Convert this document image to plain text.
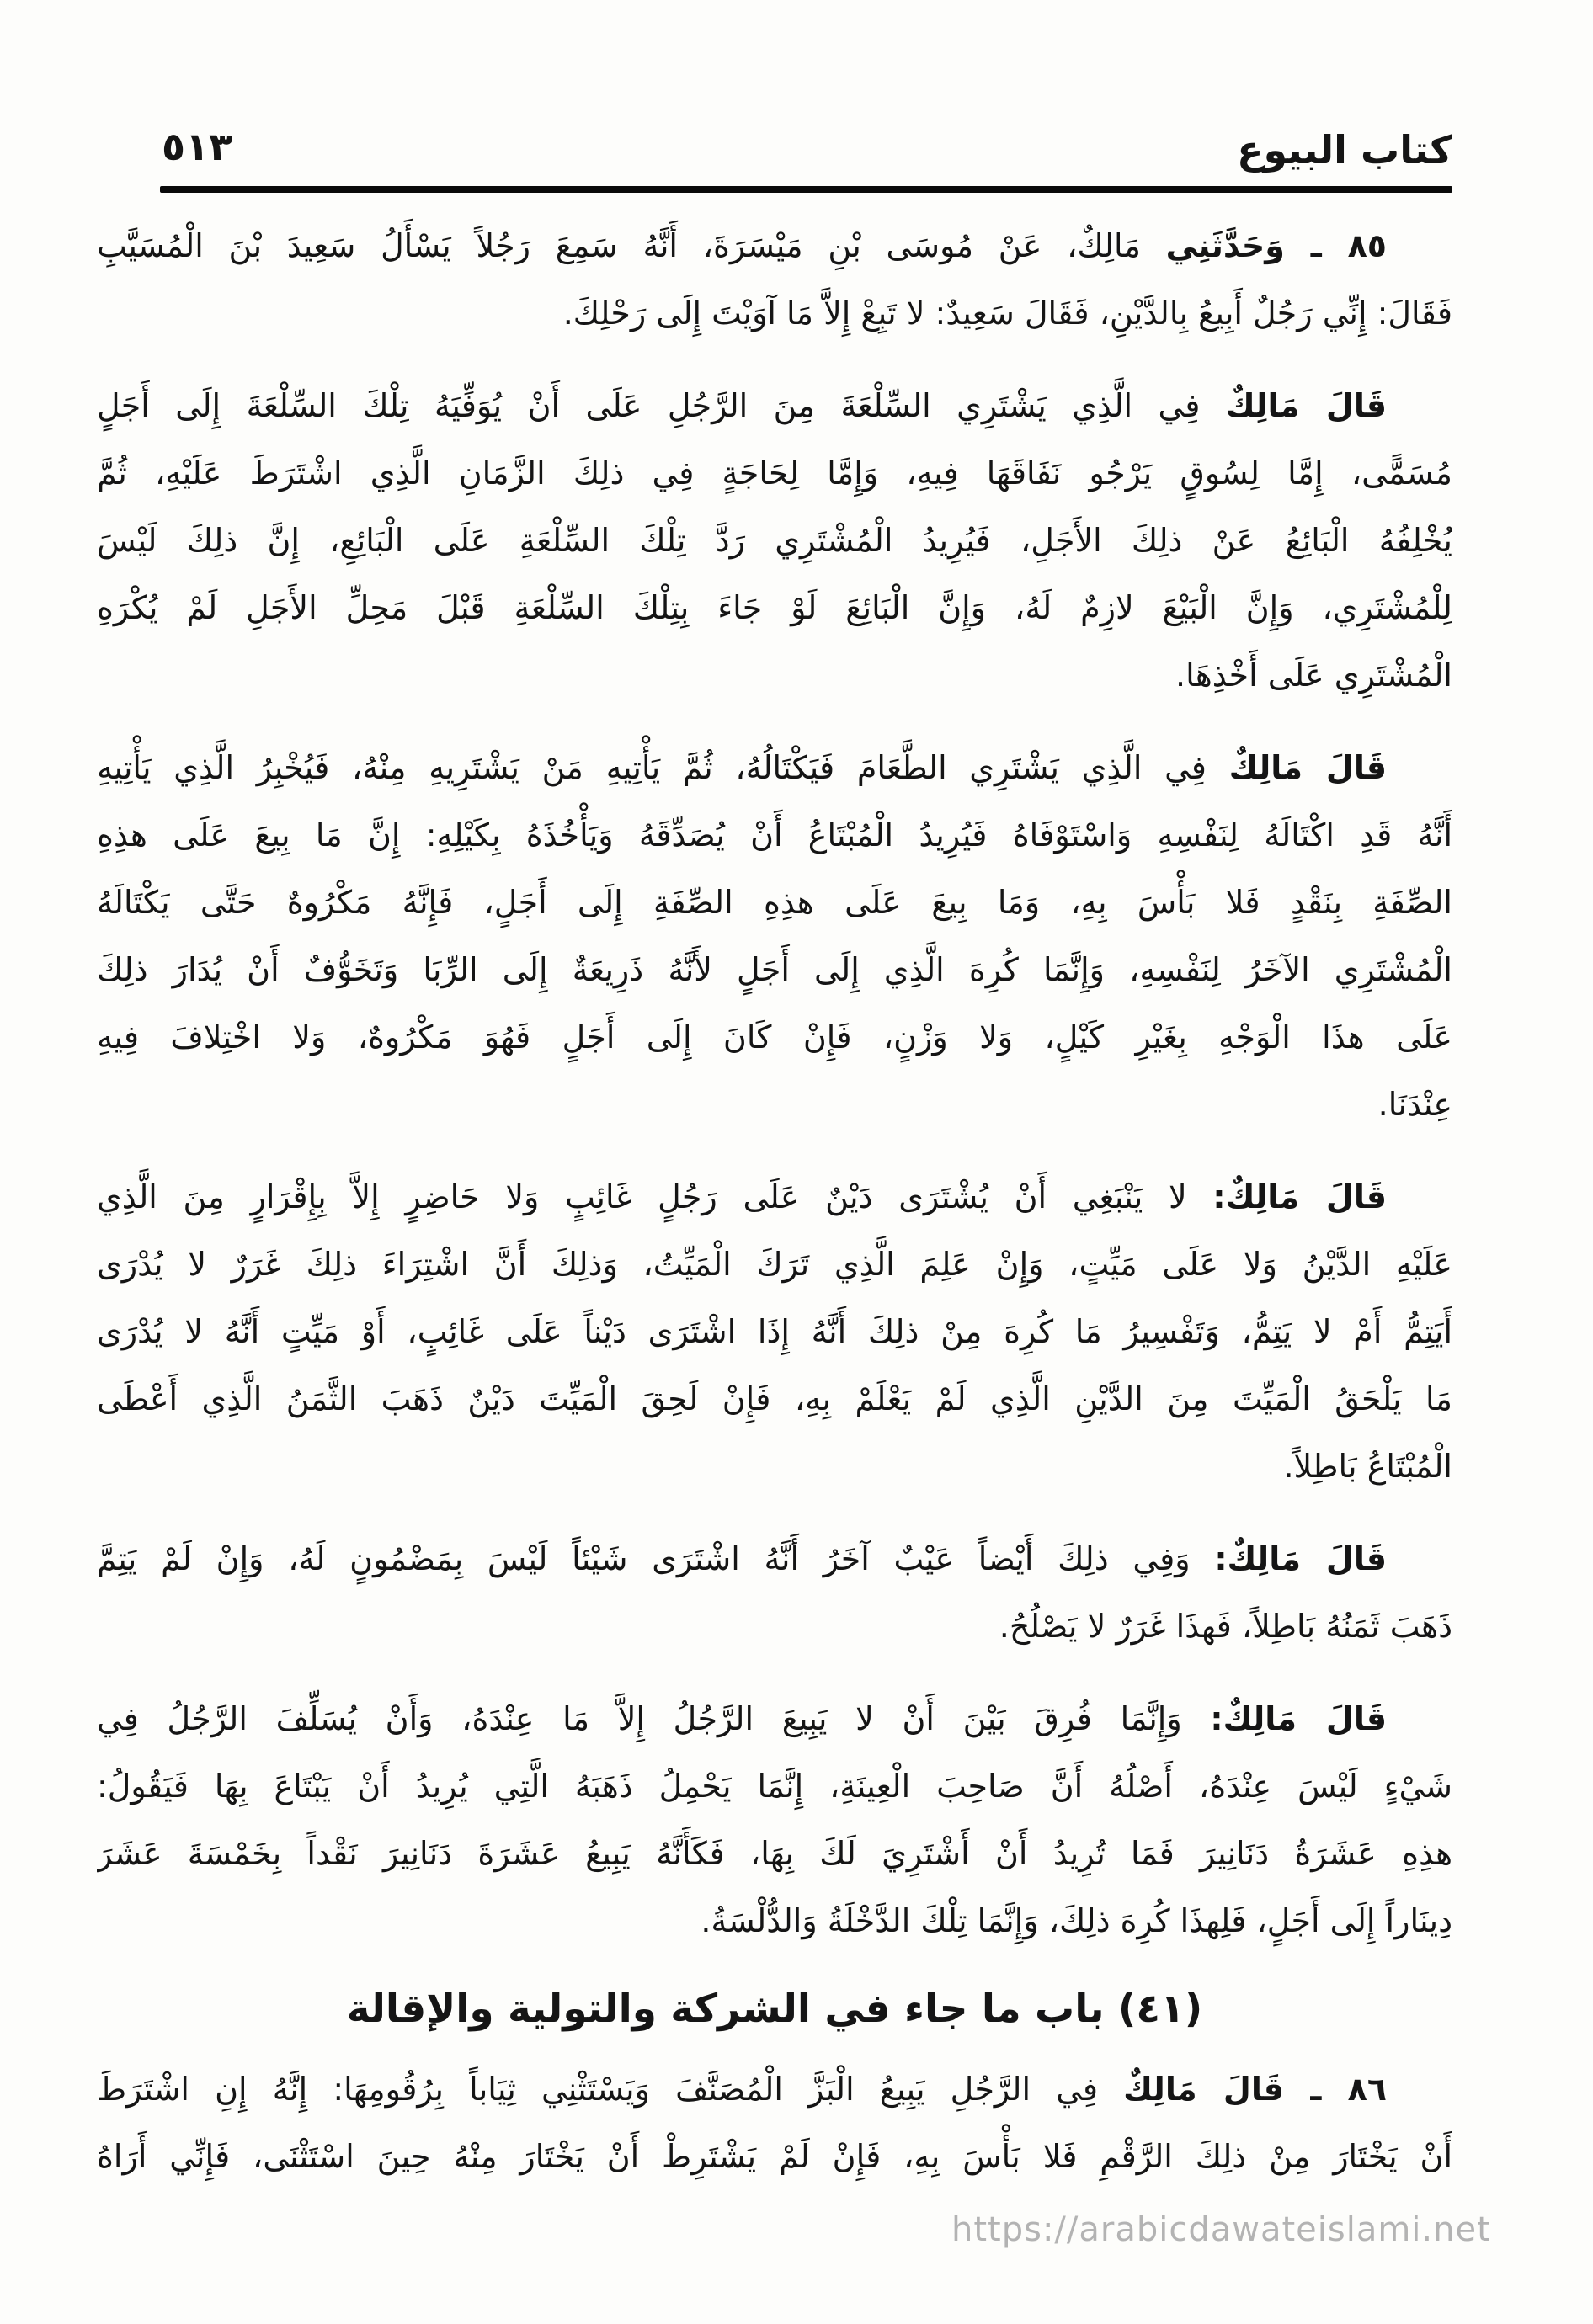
كتاب البيوع
٥١٣
٨٥ ـ وَحَدَّثَنِي مَالِكٌ، عَنْ مُوسَى بْنِ مَيْسَرَةَ، أَنَّهُ سَمِعَ رَجُلاً يَسْأَلُ سَعِيدَ بْنَ الْمُسَيَّبِ
فَقَالَ: إِنِّي رَجُلٌ أَبِيعُ بِالدَّيْنِ، فَقَالَ سَعِيدٌ: لا تَبِعْ إِلاَّ مَا آوَيْتَ إِلَى رَحْلِكَ.
قَالَ مَالِكٌ فِي الَّذِي يَشْتَرِي السِّلْعَةَ مِنَ الرَّجُلِ عَلَى أَنْ يُوَفِّيَهُ تِلْكَ السِّلْعَةَ إِلَى أَجَلٍ
مُسَمًّى، إِمَّا لِسُوقٍ يَرْجُو نَفَاقَهَا فِيهِ، وَإِمَّا لِحَاجَةٍ فِي ذلِكَ الزَّمَانِ الَّذِي اشْتَرَطَ عَلَيْهِ، ثُمَّ
يُخْلِفُهُ الْبَائِعُ عَنْ ذلِكَ الأَجَلِ، فَيُرِيدُ الْمُشْتَرِي رَدَّ تِلْكَ السِّلْعَةِ عَلَى الْبَائِعِ، إِنَّ ذلِكَ لَيْسَ
لِلْمُشْتَرِي، وَإِنَّ الْبَيْعَ لازِمٌ لَهُ، وَإِنَّ الْبَائِعَ لَوْ جَاءَ بِتِلْكَ السِّلْعَةِ قَبْلَ مَحِلِّ الأَجَلِ لَمْ يُكْرَهِ
الْمُشْتَرِي عَلَى أَخْذِهَا.
قَالَ مَالِكٌ فِي الَّذِي يَشْتَرِي الطَّعَامَ فَيَكْتَالُهُ، ثُمَّ يَأْتِيهِ مَنْ يَشْتَرِيهِ مِنْهُ، فَيُخْبِرُ الَّذِي يَأْتِيهِ
أَنَّهُ قَدِ اكْتَالَهُ لِنَفْسِهِ وَاسْتَوْفَاهُ فَيُرِيدُ الْمُبْتَاعُ أَنْ يُصَدِّقَهُ وَيَأْخُذَهُ بِكَيْلِهِ: إِنَّ مَا بِيعَ عَلَى هذِهِ
الصِّفَةِ بِنَقْدٍ فَلا بَأْسَ بِهِ، وَمَا بِيعَ عَلَى هذِهِ الصِّفَةِ إِلَى أَجَلٍ، فَإِنَّهُ مَكْرُوهٌ حَتَّى يَكْتَالَهُ
الْمُشْتَرِي الآخَرُ لِنَفْسِهِ، وَإِنَّمَا كُرِهَ الَّذِي إِلَى أَجَلٍ لأَنَّهُ ذَرِيعَةٌ إِلَى الرِّبَا وَتَخَوُّفٌ أَنْ يُدَارَ ذلِكَ
عَلَى هذَا الْوَجْهِ بِغَيْرِ كَيْلٍ، وَلا وَزْنٍ، فَإِنْ كَانَ إِلَى أَجَلٍ فَهُوَ مَكْرُوهٌ، وَلا اخْتِلافَ فِيهِ
عِنْدَنَا.
قَالَ مَالِكٌ: لا يَنْبَغِي أَنْ يُشْتَرَى دَيْنٌ عَلَى رَجُلٍ غَائِبٍ وَلا حَاضِرٍ إِلاَّ بِإِقْرَارٍ مِنَ الَّذِي
عَلَيْهِ الدَّيْنُ وَلا عَلَى مَيِّتٍ، وَإِنْ عَلِمَ الَّذِي تَرَكَ الْمَيِّتُ، وَذلِكَ أَنَّ اشْتِرَاءَ ذلِكَ غَرَرٌ لا يُدْرَى
أَيَتِمُّ أَمْ لا يَتِمُّ، وَتَفْسِيرُ مَا كُرِهَ مِنْ ذلِكَ أَنَّهُ إِذَا اشْتَرَى دَيْناً عَلَى غَائِبٍ، أَوْ مَيِّتٍ أَنَّهُ لا يُدْرَى
مَا يَلْحَقُ الْمَيِّتَ مِنَ الدَّيْنِ الَّذِي لَمْ يَعْلَمْ بِهِ، فَإِنْ لَحِقَ الْمَيِّتَ دَيْنٌ ذَهَبَ الثَّمَنُ الَّذِي أَعْطَى
الْمُبْتَاعُ بَاطِلاً.
قَالَ مَالِكٌ: وَفِي ذلِكَ أَيْضاً عَيْبٌ آخَرُ أَنَّهُ اشْتَرَى شَيْئاً لَيْسَ بِمَضْمُونٍ لَهُ، وَإِنْ لَمْ يَتِمَّ
ذَهَبَ ثَمَنُهُ بَاطِلاً، فَهذَا غَرَرٌ لا يَصْلُحُ.
قَالَ مَالِكٌ: وَإِنَّمَا فُرِقَ بَيْنَ أَنْ لا يَبِيعَ الرَّجُلُ إِلاَّ مَا عِنْدَهُ، وَأَنْ يُسَلِّفَ الرَّجُلُ فِي
شَيْءٍ لَيْسَ عِنْدَهُ، أَصْلُهُ أَنَّ صَاحِبَ الْعِينَةِ، إِنَّمَا يَحْمِلُ ذَهَبَهُ الَّتِي يُرِيدُ أَنْ يَبْتَاعَ بِهَا فَيَقُولُ:
هذِهِ عَشَرَةُ دَنَانِيرَ فَمَا تُرِيدُ أَنْ أَشْتَرِيَ لَكَ بِهَا، فَكَأَنَّهُ يَبِيعُ عَشَرَةَ دَنَانِيرَ نَقْداً بِخَمْسَةَ عَشَرَ
دِينَاراً إِلَى أَجَلٍ، فَلِهذَا كُرِهَ ذلِكَ، وَإِنَّمَا تِلْكَ الدَّخْلَةُ وَالدُّلْسَةُ.
(٤١) باب ما جاء في الشركة والتولية والإقالة
٨٦ ـ قَالَ مَالِكٌ فِي الرَّجُلِ يَبِيعُ الْبَزَّ الْمُصَنَّفَ وَيَسْتَثْنِي ثِيَاباً بِرُقُومِهَا: إِنَّهُ إِنِ اشْتَرَطَ
أَنْ يَخْتَارَ مِنْ ذلِكَ الرَّقْمِ فَلا بَأْسَ بِهِ، فَإِنْ لَمْ يَشْتَرِطْ أَنْ يَخْتَارَ مِنْهُ حِينَ اسْتَثْنَى، فَإِنِّي أَرَاهُ
https://arabicdawateislami.net
